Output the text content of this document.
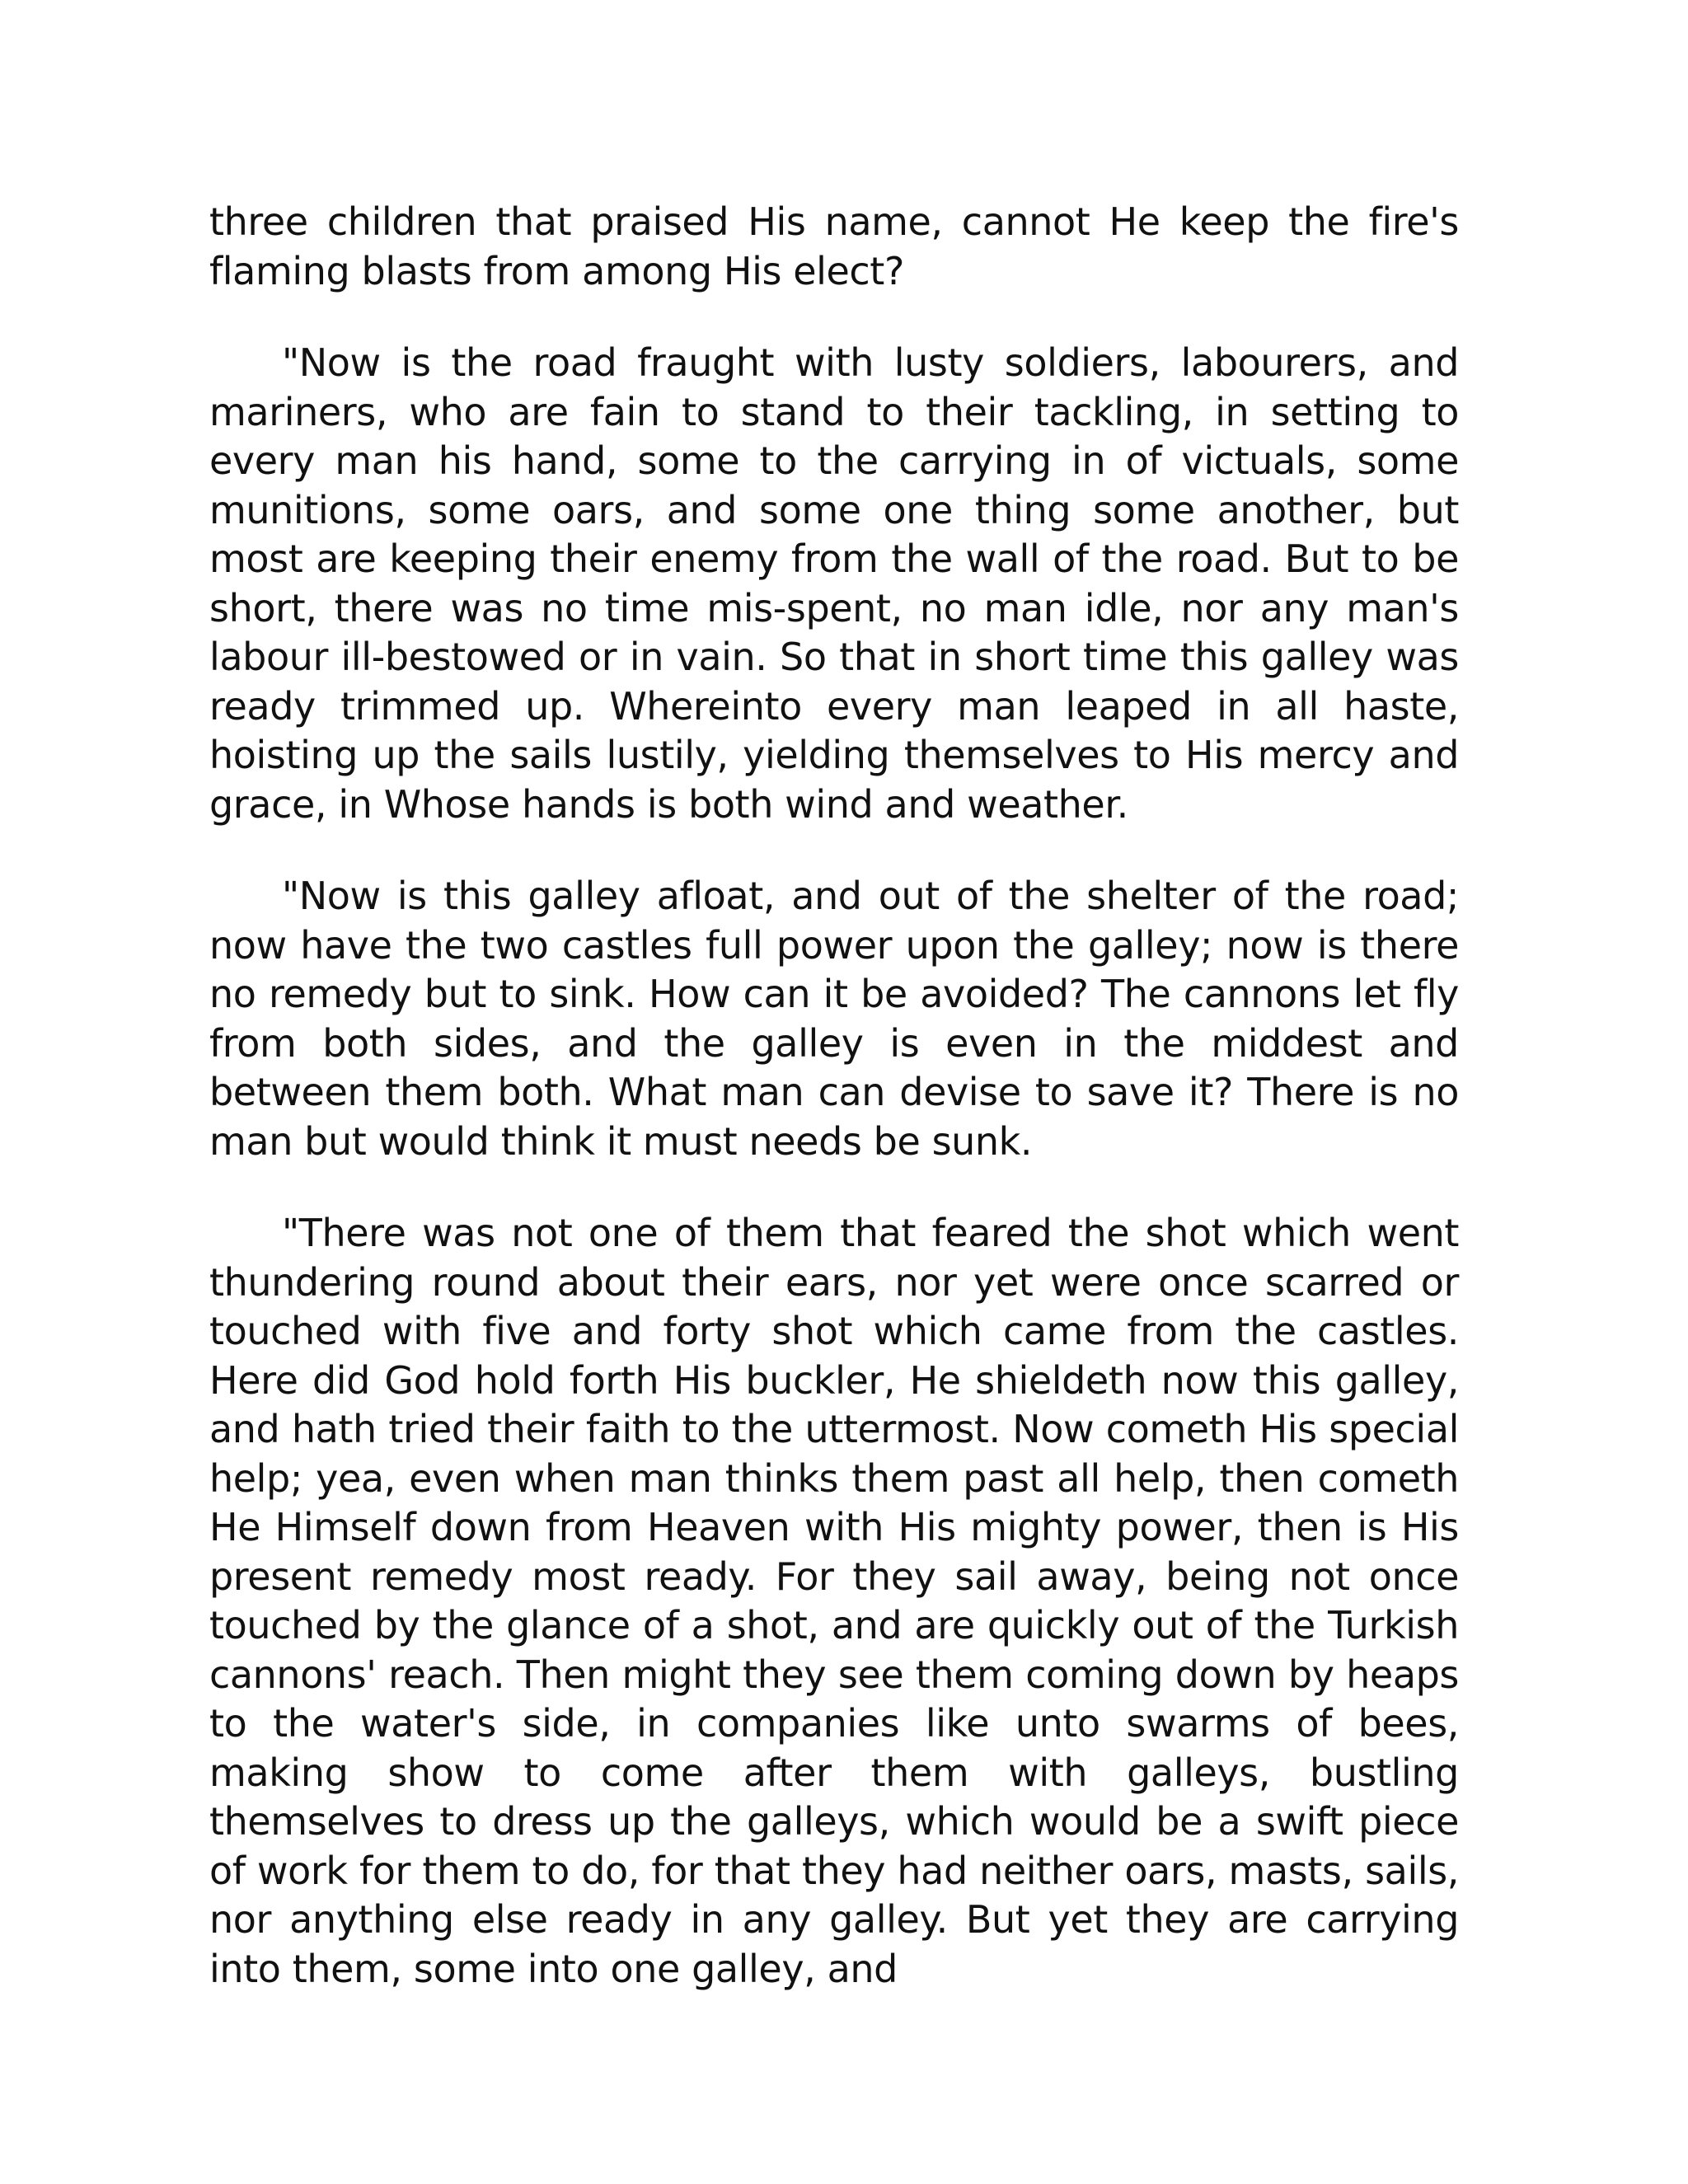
three children that praised His name, cannot He keep the fire's flaming blasts from among His elect?

"Now is the road fraught with lusty soldiers, labourers, and mariners, who are fain to stand to their tackling, in setting to every man his hand, some to the carrying in of victuals, some munitions, some oars, and some one thing some another, but most are keeping their enemy from the wall of the road. But to be short, there was no time mis-spent, no man idle, nor any man's labour ill-bestowed or in vain. So that in short time this galley was ready trimmed up. Whereinto every man leaped in all haste, hoisting up the sails lustily, yielding themselves to His mercy and grace, in Whose hands is both wind and weather.

"Now is this galley afloat, and out of the shelter of the road; now have the two castles full power upon the galley; now is there no remedy but to sink. How can it be avoided? The cannons let fly from both sides, and the galley is even in the middest and between them both. What man can devise to save it? There is no man but would think it must needs be sunk.

"There was not one of them that feared the shot which went thundering round about their ears, nor yet were once scarred or touched with five and forty shot which came from the castles. Here did God hold forth His buckler, He shieldeth now this galley, and hath tried their faith to the uttermost. Now cometh His special help; yea, even when man thinks them past all help, then cometh He Himself down from Heaven with His mighty power, then is His present remedy most ready. For they sail away, being not once touched by the glance of a shot, and are quickly out of the Turkish cannons' reach. Then might they see them coming down by heaps to the water's side, in companies like unto swarms of bees, making show to come after them with galleys, bustling themselves to dress up the galleys, which would be a swift piece of work for them to do, for that they had neither oars, masts, sails, nor anything else ready in any galley. But yet they are carrying into them, some into one galley, and
